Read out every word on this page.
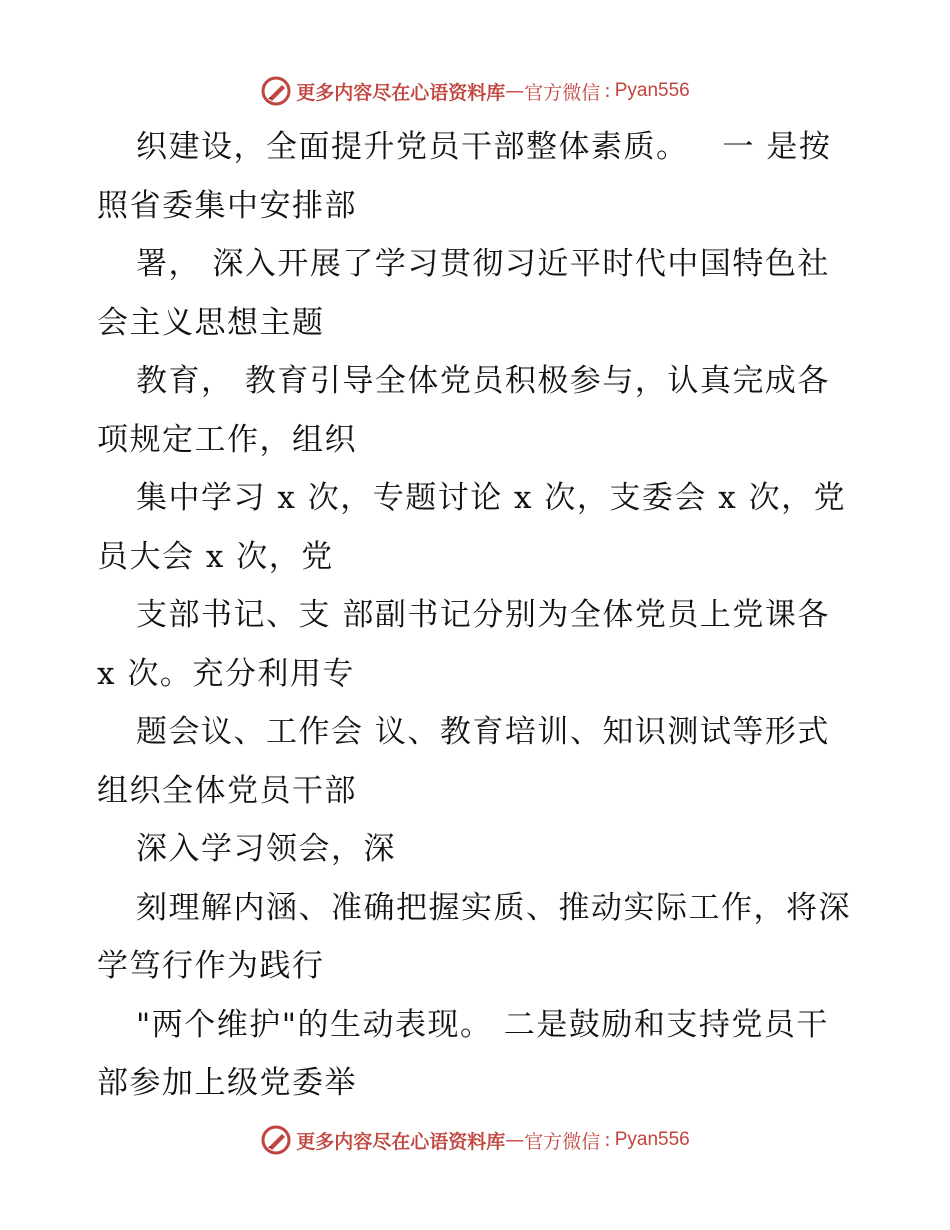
更多内容尽在心语资料库 — 官方微信 : Pyan556

织建设，全面提升党员干部整体素质。   一 是按照省委集中安排部

署， 深入开展了学习贯彻习近平时代中国特色社会主义思想主题

教育， 教育引导全体党员积极参与，认真完成各项规定工作，组织

集中学习 x 次，专题讨论 x 次，支委会 x 次，党员大会 x 次，党

支部书记、支 部副书记分别为全体党员上党课各 x 次。充分利用专

题会议、工作会 议、教育培训、知识测试等形式组织全体党员干部

深入学习领会，深

刻理解内涵、准确把握实质、推动实际工作，将深学笃行作为践行

"两个维护"的生动表现。 二是鼓励和支持党员干部参加上级党委举

更多内容尽在心语资料库 — 官方微信 : Pyan556
